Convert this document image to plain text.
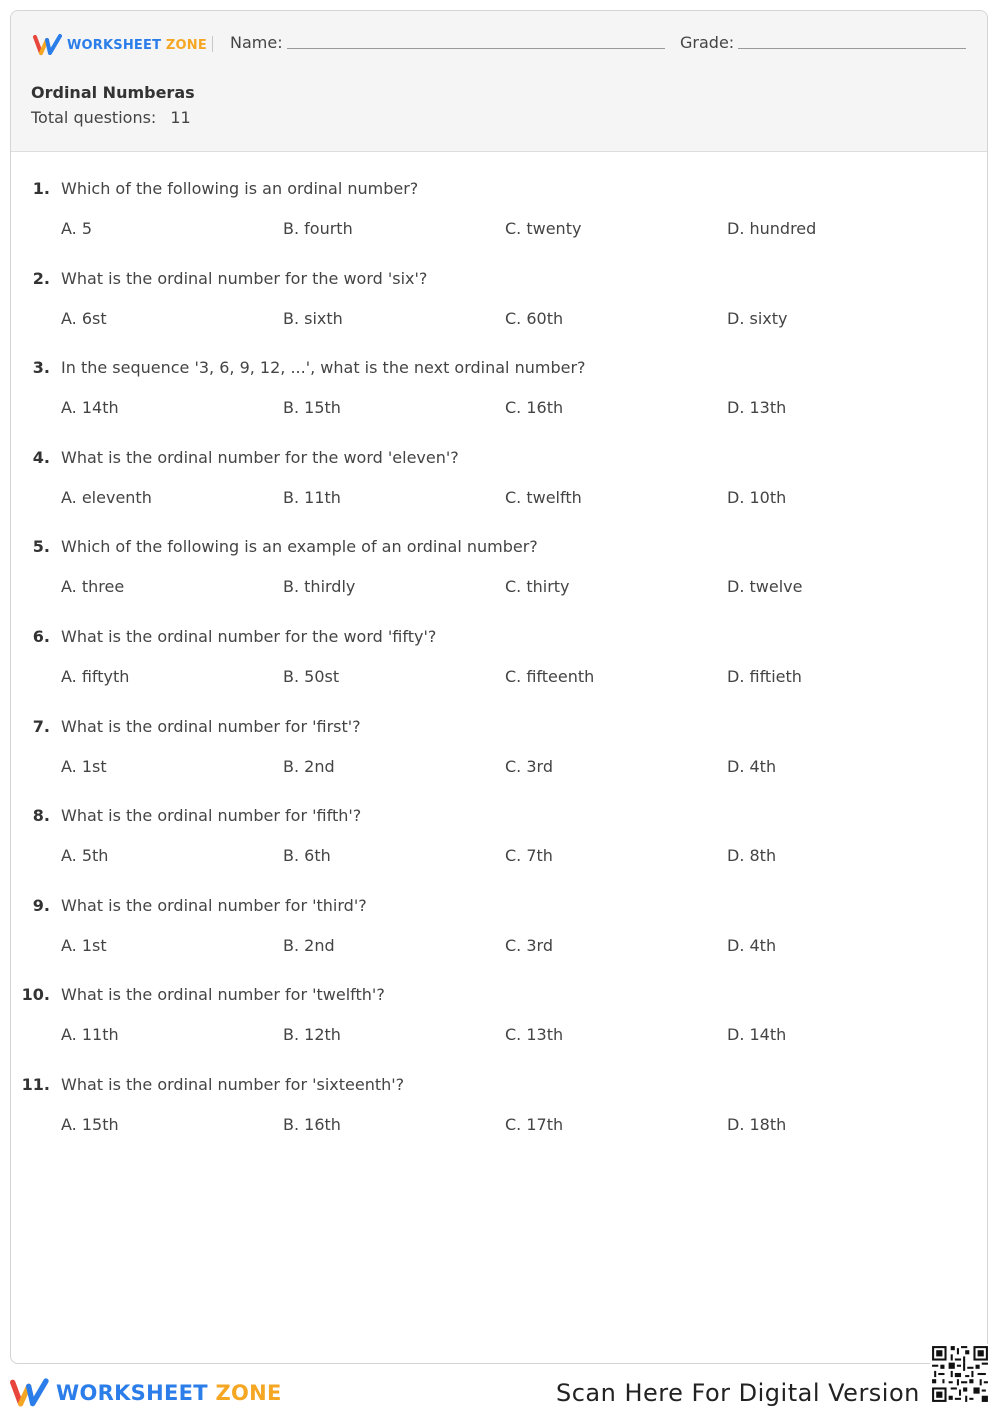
WORKSHEET ZONE Name:	Grade:
Ordinal Numberas
Total questions: 11
1. Which of the following is an ordinal number?
A. 5	B. fourth	C. twenty	D. hundred
2. What is the ordinal number for the word 'six'?
A. 6st	B. sixth	C. 60th	D. sixty
3. In the sequence '3, 6, 9, 12, ...', what is the next ordinal number?
A. 14th	B. 15th	C. 16th	D. 13th
4. What is the ordinal number for the word 'eleven'?
A. eleventh	B. 11th	C. twelfth	D. 10th
5. Which of the following is an example of an ordinal number?
A. three	B. thirdly	C. thirty	D. twelve
6. What is the ordinal number for the word 'fifty'?
A. fiftyth	B. 50st	C. fifteenth	D. fiftieth
7. What is the ordinal number for 'first'?
A. 1st	B. 2nd	C. 3rd	D. 4th
8. What is the ordinal number for 'fifth'?
A. 5th	B. 6th	C. 7th	D. 8th
9. What is the ordinal number for 'third'?
A. 1st	B. 2nd	C. 3rd	D. 4th
10. What is the ordinal number for 'twelfth'?
A. 11th	B. 12th	C. 13th	D. 14th
11. What is the ordinal number for 'sixteenth'?
A. 15th	B. 16th	C. 17th	D. 18th
WORKSHEET ZONE	Scan Here For Digital Version
